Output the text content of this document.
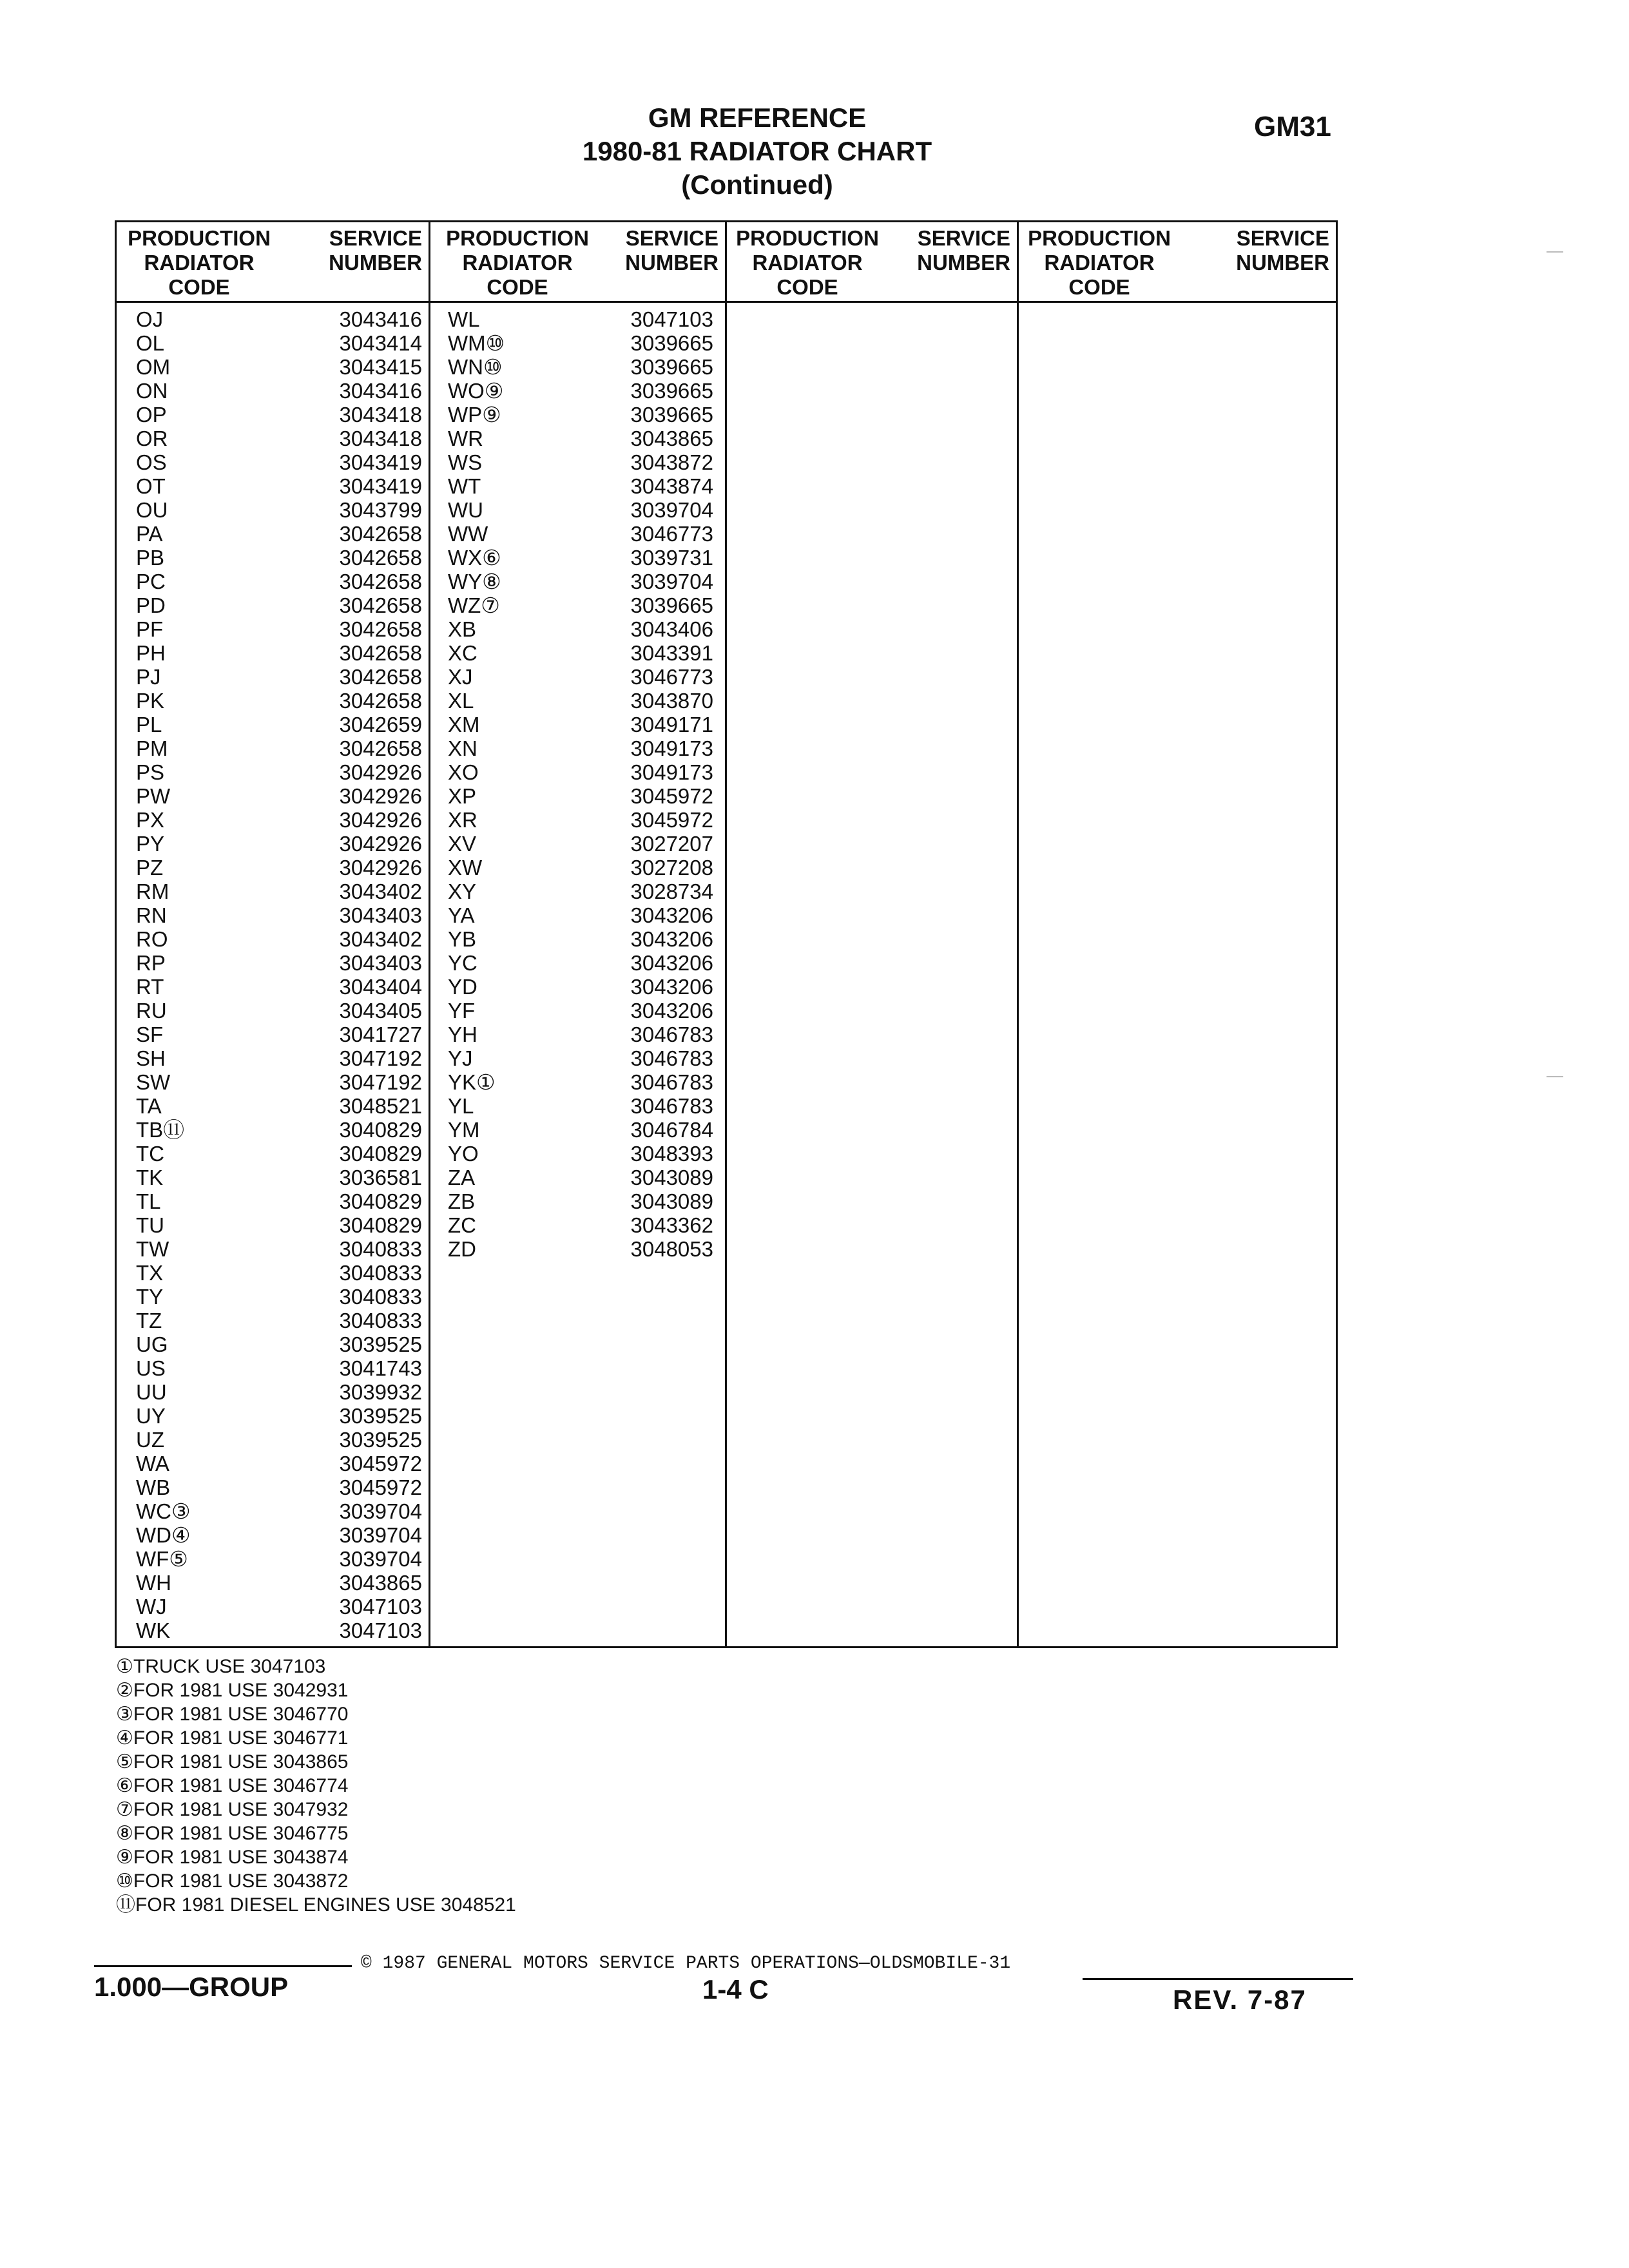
GM REFERENCE
1980-81 RADIATOR CHART
(Continued)
GM31
PRODUCTION
RADIATOR
CODE
SERVICE
NUMBER
OJ	3043416
OL	3043414
OM	3043415
ON	3043416
OP	3043418
OR	3043418
OS	3043419
OT	3043419
OU	3043799
PA	3042658
PB	3042658
PC	3042658
PD	3042658
PF	3042658
PH	3042658
PJ	3042658
PK	3042658
PL	3042659
PM	3042658
PS	3042926
PW	3042926
PX	3042926
PY	3042926
PZ	3042926
RM	3043402
RN	3043403
RO	3043402
RP	3043403
RT	3043404
RU	3043405
SF	3041727
SH	3047192
SW	3047192
TA	3048521
TB⑪	3040829
TC	3040829
TK	3036581
TL	3040829
TU	3040829
TW	3040833
TX	3040833
TY	3040833
TZ	3040833
UG	3039525
US	3041743
UU	3039932
UY	3039525
UZ	3039525
WA	3045972
WB	3045972
WC③	3039704
WD④	3039704
WF⑤	3039704
WH	3043865
WJ	3047103
WK	3047103
PRODUCTION
RADIATOR
CODE
SERVICE
NUMBER
WL	3047103
WM⑩	3039665
WN⑩	3039665
WO⑨	3039665
WP⑨	3039665
WR	3043865
WS	3043872
WT	3043874
WU	3039704
WW	3046773
WX⑥	3039731
WY⑧	3039704
WZ⑦	3039665
XB	3043406
XC	3043391
XJ	3046773
XL	3043870
XM	3049171
XN	3049173
XO	3049173
XP	3045972
XR	3045972
XV	3027207
XW	3027208
XY	3028734
YA	3043206
YB	3043206
YC	3043206
YD	3043206
YF	3043206
YH	3046783
YJ	3046783
YK①	3046783
YL	3046783
YM	3046784
YO	3048393
ZA	3043089
ZB	3043089
ZC	3043362
ZD	3048053
PRODUCTION
RADIATOR
CODE
SERVICE
NUMBER
PRODUCTION
RADIATOR
CODE
SERVICE
NUMBER
①TRUCK USE 3047103
②FOR 1981 USE 3042931
③FOR 1981 USE 3046770
④FOR 1981 USE 3046771
⑤FOR 1981 USE 3043865
⑥FOR 1981 USE 3046774
⑦FOR 1981 USE 3047932
⑧FOR 1981 USE 3046775
⑨FOR 1981 USE 3043874
⑩FOR 1981 USE 3043872
⑪FOR 1981 DIESEL ENGINES USE 3048521
© 1987 GENERAL MOTORS SERVICE PARTS OPERATIONS—OLDSMOBILE-31
1.000—GROUP	1-4 C	REV. 7-87
